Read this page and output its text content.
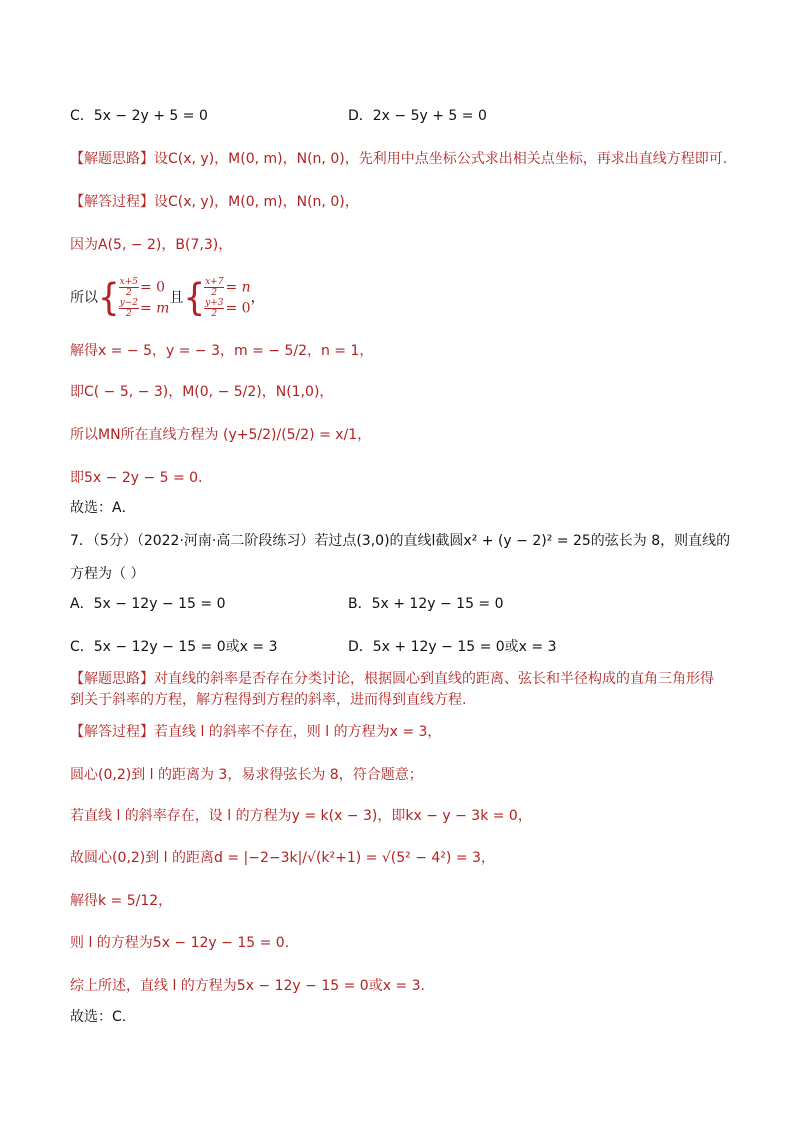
C．5x − 2y + 5 = 0	D．2x − 5y + 5 = 0
【解题思路】设C(x, y)，M(0, m)，N(n, 0)，先利用中点坐标公式求出相关点坐标，再求出直线方程即可.
【解答过程】设C(x, y)，M(0, m)，N(n, 0)，
因为A(5, − 2)，B(7,3)，
所以{ $\frac{x+5}{2} = 0$
$\frac{y-2}{2} = m$
且{ $\frac{x+7}{2} = n$
$\frac{y+3}{2} = 0$
，
解得x = − 5，y = − 3，m = − 5/2，n = 1，
即C( − 5, − 3)，M(0, − 5/2)，N(1,0)，
所以MN所在直线方程为 (y+5/2)/(5/2) = x/1，
即5x − 2y − 5 = 0．
故选：A．
7．（5分）（2022·河南·高二阶段练习）若过点(3,0)的直线l截圆x² + (y − 2)² = 25的弦长为 8，则直线的
方程为（ ）
A．5x − 12y − 15 = 0	B．5x + 12y − 15 = 0
C．5x − 12y − 15 = 0或x = 3	D．5x + 12y − 15 = 0或x = 3
【解题思路】对直线的斜率是否存在分类讨论，根据圆心到直线的距离、弦长和半径构成的直角三角形得
到关于斜率的方程，解方程得到方程的斜率，进而得到直线方程.
【解答过程】若直线 l 的斜率不存在，则 l 的方程为x = 3，
圆心(0,2)到 l 的距离为 3，易求得弦长为 8，符合题意；
若直线 l 的斜率存在，设 l 的方程为y = k(x − 3)，即kx − y − 3k = 0，
故圆心(0,2)到 l 的距离d = |−2−3k|/√(k²+1) = √(5² − 4²) = 3，
解得k = 5/12，
则 l 的方程为5x − 12y − 15 = 0.
综上所述，直线 l 的方程为5x − 12y − 15 = 0或x = 3.
故选：C.
